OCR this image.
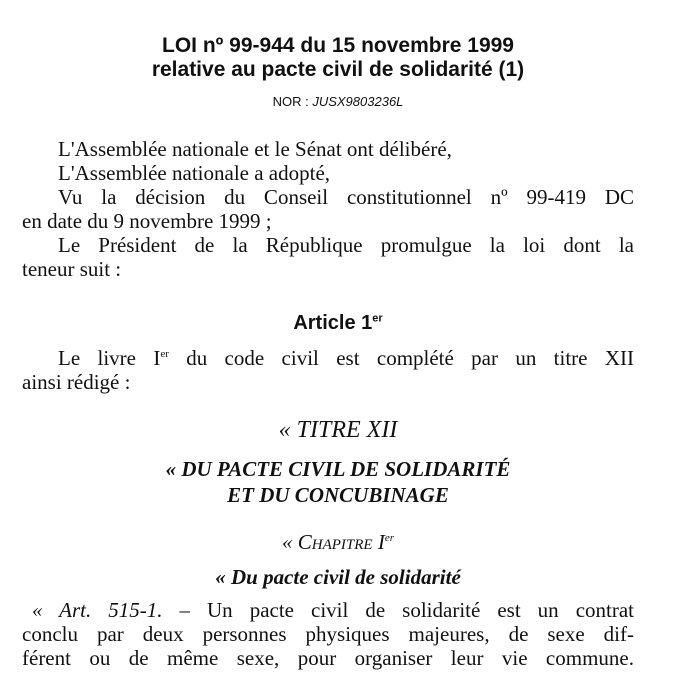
LOI nº 99-944 du 15 novembre 1999
relative au pacte civil de solidarité (1)
NOR : JUSX9803236L
L'Assemblée nationale et le Sénat ont délibéré,
L'Assemblée nationale a adopté,
Vu la décision du Conseil constitutionnel nº 99-419 DC
en date du 9 novembre 1999 ;
Le Président de la République promulgue la loi dont la
teneur suit :
Article 1er
Le livre Ier du code civil est complété par un titre XII
ainsi rédigé :
« TITRE XII
« DU PACTE CIVIL DE SOLIDARITÉ
ET DU CONCUBINAGE
« Chapitre Ier
« Du pacte civil de solidarité
« Art. 515-1. – Un pacte civil de solidarité est un contrat
conclu par deux personnes physiques majeures, de sexe dif-
férent ou de même sexe, pour organiser leur vie commune.
